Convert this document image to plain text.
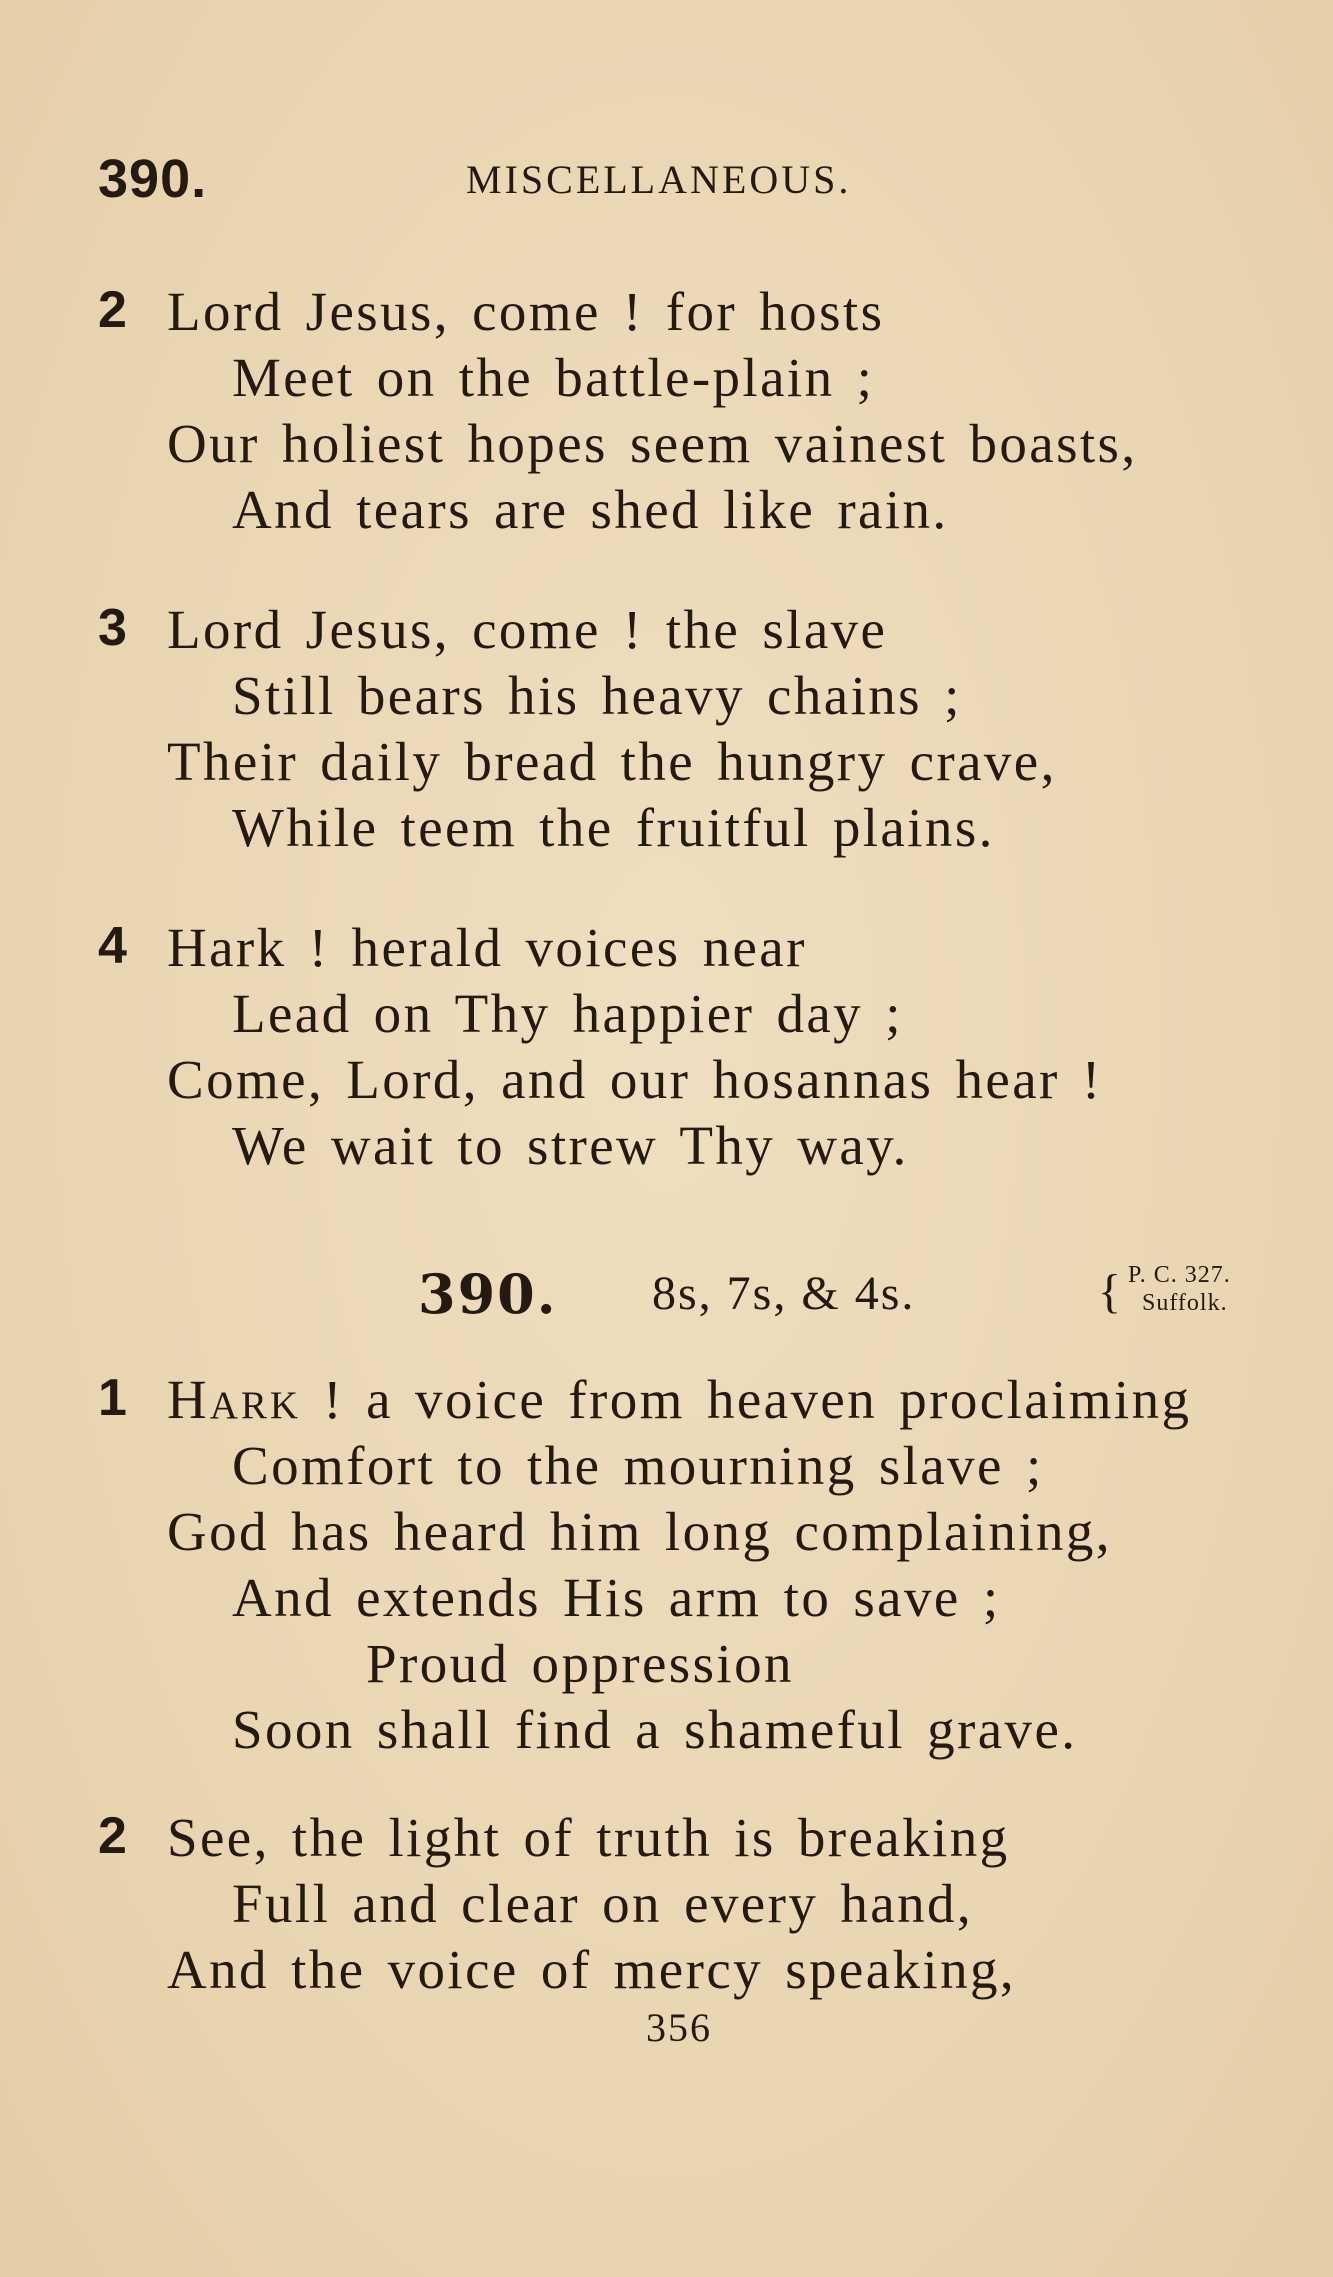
390.	MISCELLANEOUS.
2 Lord Jesus, come ! for hosts
Meet on the battle-plain ;
Our holiest hopes seem vainest boasts,
And tears are shed like rain.
3 Lord Jesus, come ! the slave
Still bears his heavy chains ;
Their daily bread the hungry crave,
While teem the fruitful plains.
4 Hark ! herald voices near
Lead on Thy happier day ;
Come, Lord, and our hosannas hear !
We wait to strew Thy way.
390. 8s, 7s, & 4s.	{ P. C. 327.
Suffolk.
1 Hark ! a voice from heaven proclaiming
Comfort to the mourning slave ;
God has heard him long complaining,
And extends His arm to save ;
Proud oppression
Soon shall find a shameful grave.
2 See, the light of truth is breaking
Full and clear on every hand,
And the voice of mercy speaking,
356
